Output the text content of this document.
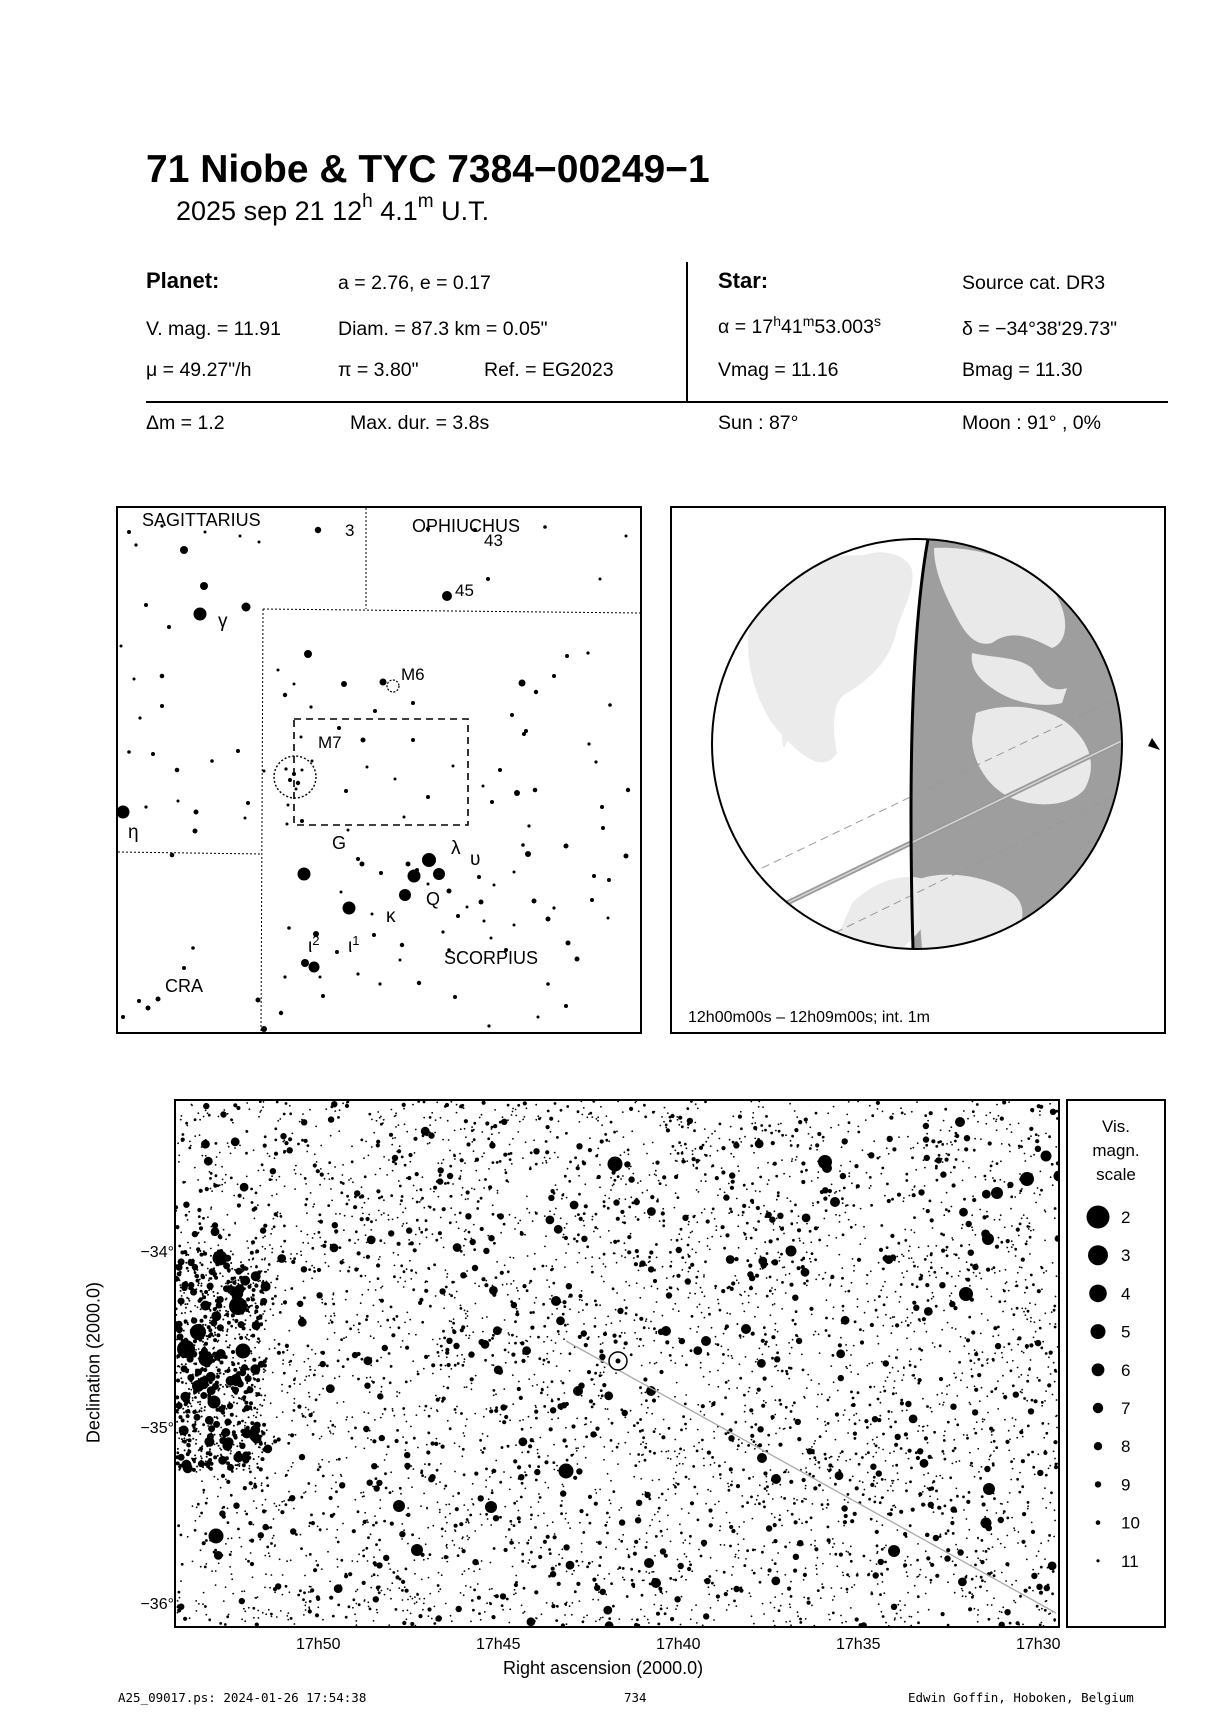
71 Niobe & TYC 7384−00249−1
2025 sep 21 12$^h$ 4.1$^m$ U.T.
Planet:	a = 2.76, e = 0.17
V. mag. = 11.91	Diam. = 87.3 km = 0.05"
μ = 49.27"/h	π = 3.80"	Ref. = EG2023
Star:	Source cat. DR3
$\alpha = 17^h41^m53.003^s$	δ = −34°38'29.73"
Vmag = 11.16	Bmag = 11.30
Δm = 1.2	Max. dur. = 3.8s	Sun : 87°	Moon : 91° , 0%
SAGITTARIUS	OPHIUCHUS
SCORPIUS
CRA
M6
M7
3
43
45
γ
η	G	λ
υ
Q
κ
$\iota^2$ $\iota^1$
12h00m00s – 12h09m00s; int. 1m
−34°
−35°
−36°
17h50	17h45	17h40	17h35	17h30
Right ascension (2000.0)
Declination (2000.0)
Vis.
magn.
scale
2
3
4
5
6
7
8
9
10
11
A25_09017.ps: 2024-01-26 17:54:38	734	Edwin Goffin, Hoboken, Belgium
